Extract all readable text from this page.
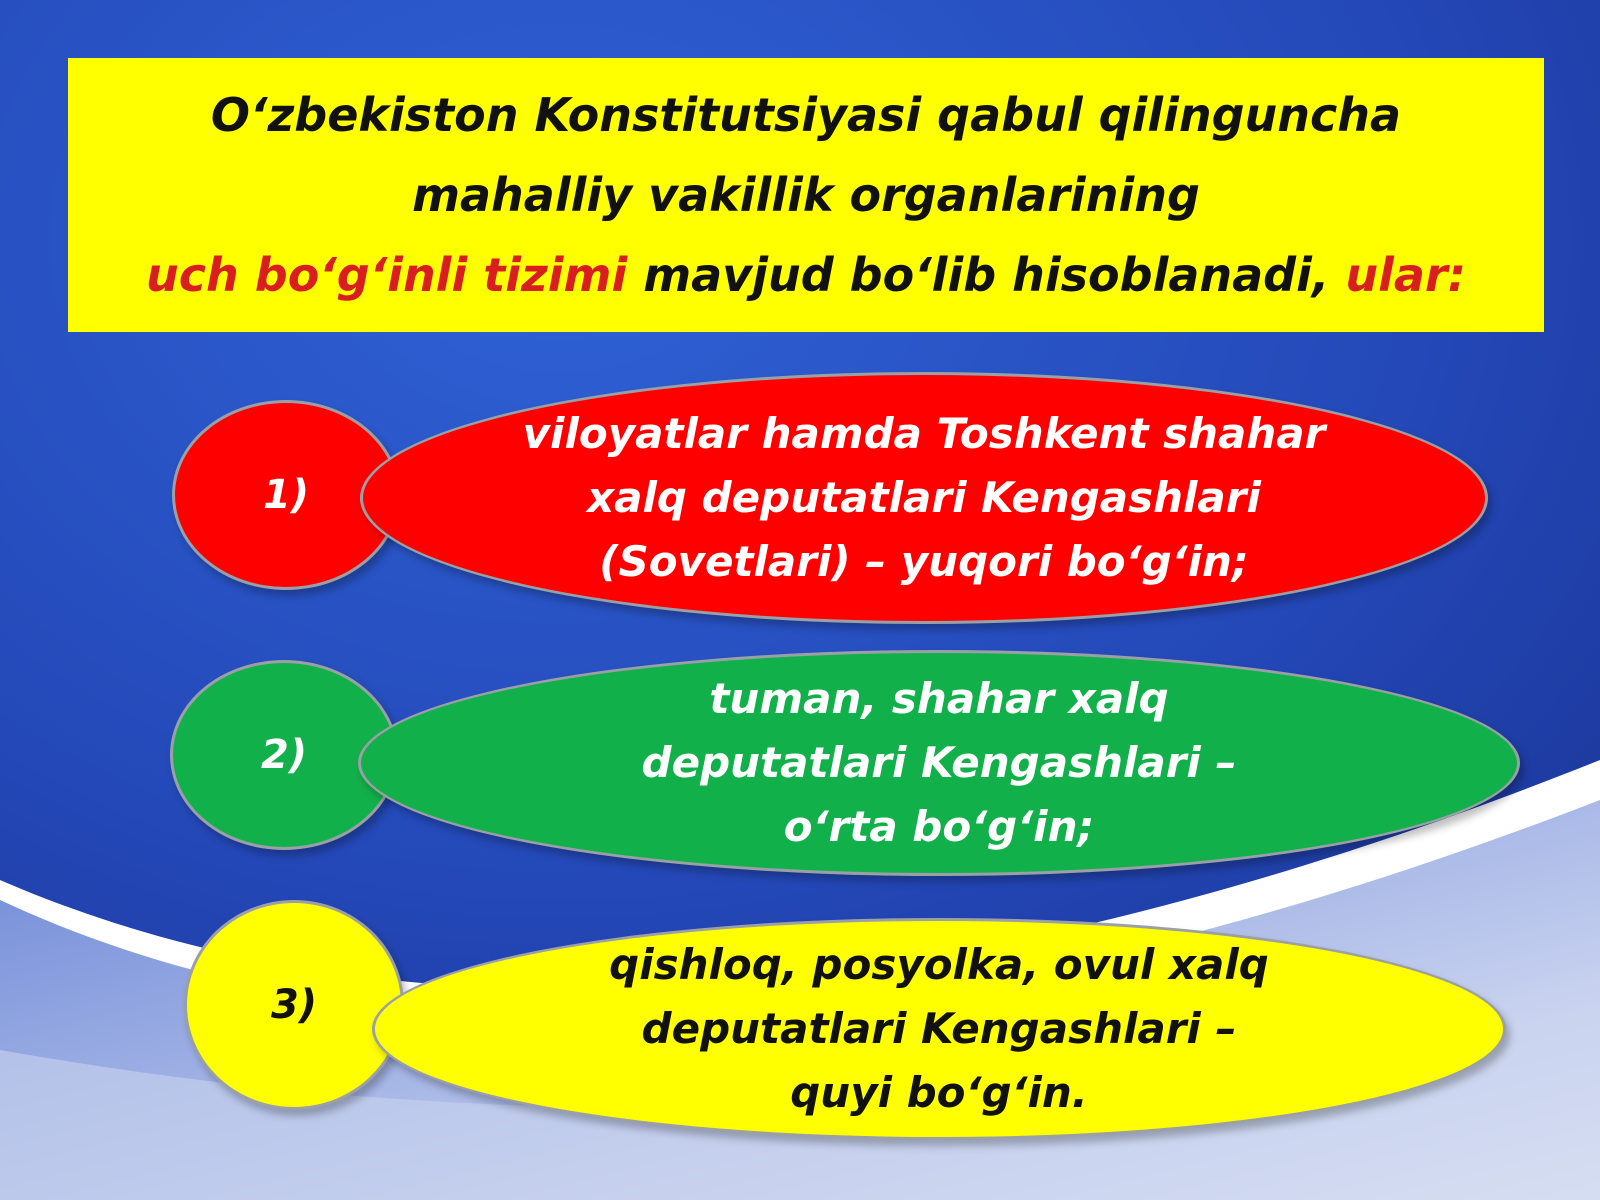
O‘zbekiston Konstitutsiyasi qabul qilinguncha
mahalliy vakillik organlarining
uch bo‘g‘inli tizimi mavjud bo‘lib hisoblanadi, ular:
1)
viloyatlar hamda Toshkent shahar xalq deputatlari Kengashlari (Sovetlari) – yuqori bo‘g‘in;
2)
tuman, shahar xalq deputatlari Kengashlari – o‘rta bo‘g‘in;
3)
qishloq, posyolka, ovul xalq deputatlari Kengashlari – quyi bo‘g‘in.
